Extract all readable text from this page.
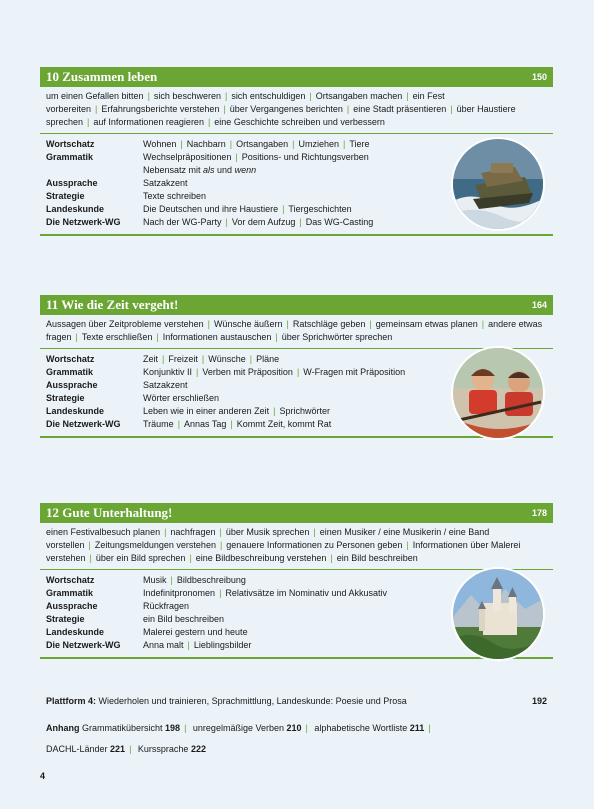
10 Zusammen leben	150
um einen Gefallen bitten | sich beschweren | sich entschuldigen | Ortsangaben machen | ein Fest vorbereiten | Erfahrungsberichte verstehen | über Vergangenes berichten | eine Stadt präsentieren | über Haustiere sprechen | auf Informationen reagieren | eine Geschichte schreiben und verbessern
Wortschatz	Wohnen | Nachbarn | Ortsangaben | Umziehen | Tiere
Grammatik	Wechselpräpositionen | Positions- und Richtungsverben
Nebensatz mit als und wenn
Aussprache	Satzakzent
Strategie	Texte schreiben
Landeskunde	Die Deutschen und ihre Haustiere | Tiergeschichten
Die Netzwerk-WG	Nach der WG-Party | Vor dem Aufzug | Das WG-Casting
11 Wie die Zeit vergeht!	164
Aussagen über Zeitprobleme verstehen | Wünsche äußern | Ratschläge geben | gemeinsam etwas planen | andere etwas fragen | Texte erschließen | Informationen austauschen | über Sprichwörter sprechen
Wortschatz	Zeit | Freizeit | Wünsche | Pläne
Grammatik	Konjunktiv II | Verben mit Präposition | W-Fragen mit Präposition
Aussprache	Satzakzent
Strategie	Wörter erschließen
Landeskunde	Leben wie in einer anderen Zeit | Sprichwörter
Die Netzwerk-WG	Träume | Annas Tag | Kommt Zeit, kommt Rat
12 Gute Unterhaltung!	178
einen Festivalbesuch planen | nachfragen | über Musik sprechen | einen Musiker / eine Musikerin / eine Band vorstellen | Zeitungsmeldungen verstehen | genauere Informationen zu Personen geben | Informationen über Malerei verstehen | über ein Bild sprechen | eine Bildbeschreibung verstehen | ein Bild beschreiben
Wortschatz	Musik | Bildbeschreibung
Grammatik	Indefinitpronomen | Relativsätze im Nominativ und Akkusativ
Aussprache	Rückfragen
Strategie	ein Bild beschreiben
Landeskunde	Malerei gestern und heute
Die Netzwerk-WG	Anna malt | Lieblingsbilder
Plattform 4: Wiederholen und trainieren, Sprachmittlung, Landeskunde: Poesie und Prosa	192
Anhang Grammatikübersicht 198 | unregelmäßige Verben 210 | alphabetische Wortliste 211 |
DACHL-Länder 221 | Kurssprache 222
4
